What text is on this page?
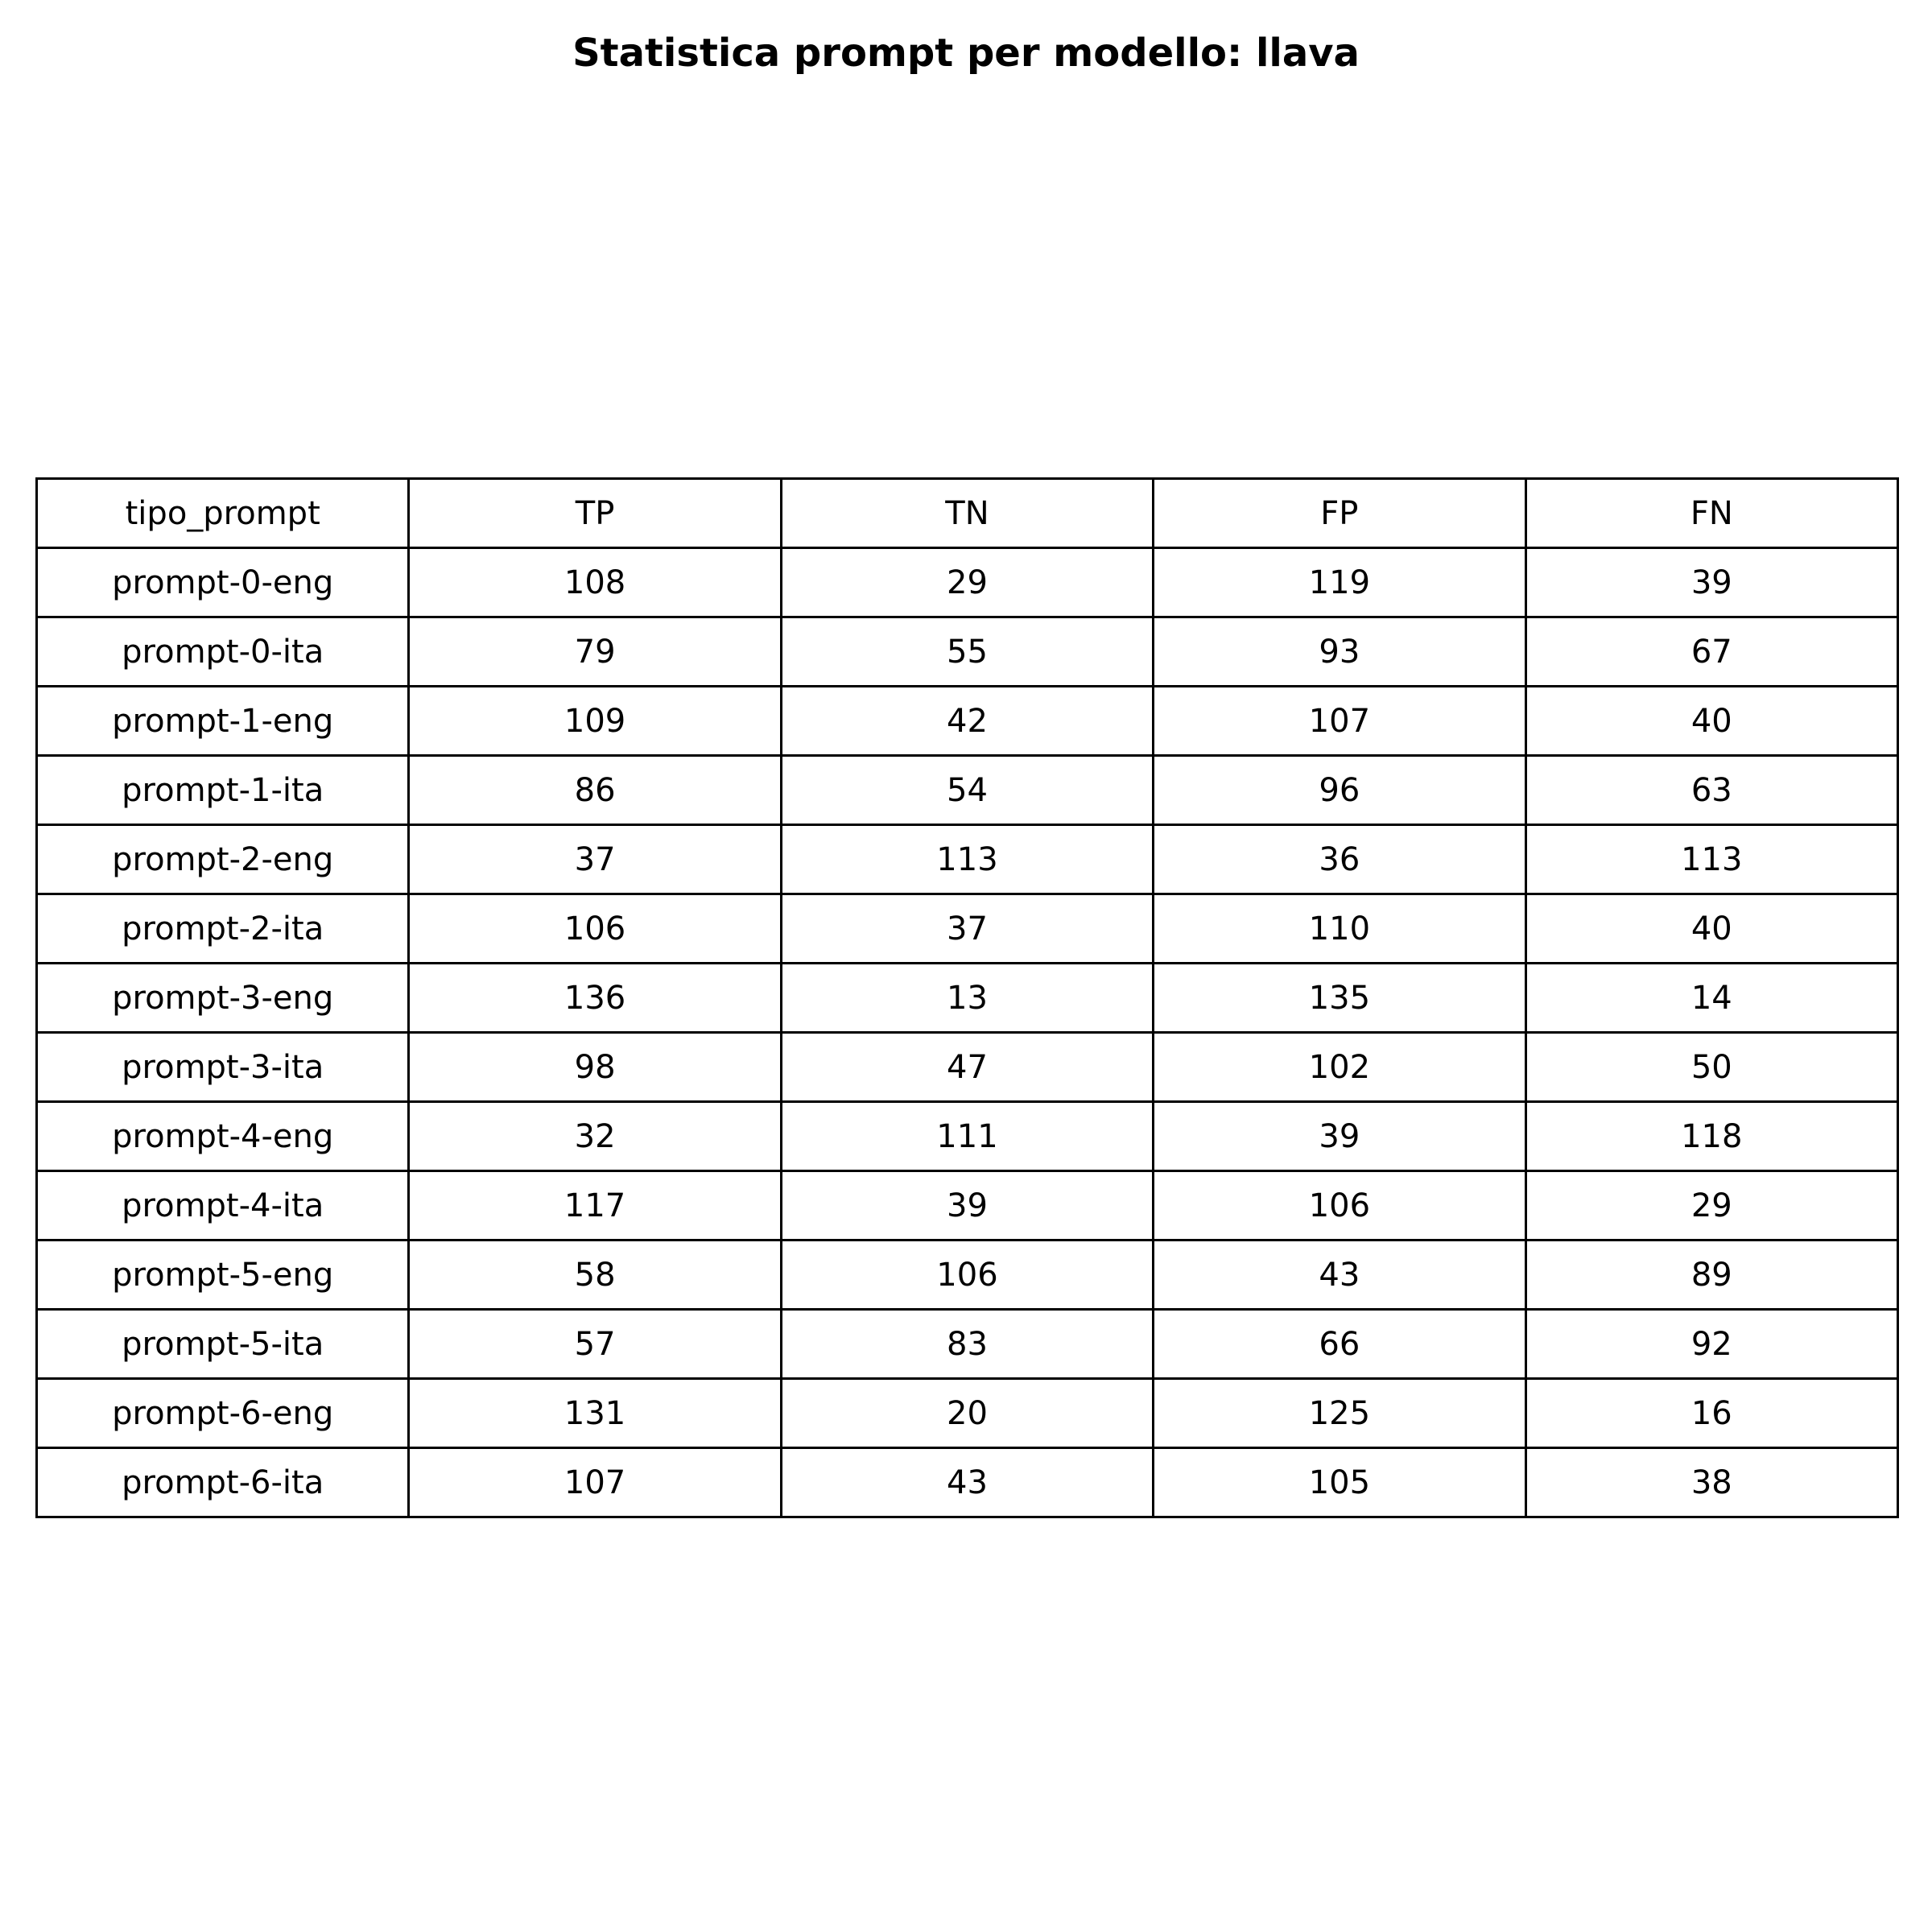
Statistica prompt per modello: llava
tipo_prompt	TP	TN	FP	FN
prompt-0-eng	108	29	119	39
prompt-0-ita	79	55	93	67
prompt-1-eng	109	42	107	40
prompt-1-ita	86	54	96	63
prompt-2-eng	37	113	36	113
prompt-2-ita	106	37	110	40
prompt-3-eng	136	13	135	14
prompt-3-ita	98	47	102	50
prompt-4-eng	32	111	39	118
prompt-4-ita	117	39	106	29
prompt-5-eng	58	106	43	89
prompt-5-ita	57	83	66	92
prompt-6-eng	131	20	125	16
prompt-6-ita	107	43	105	38
